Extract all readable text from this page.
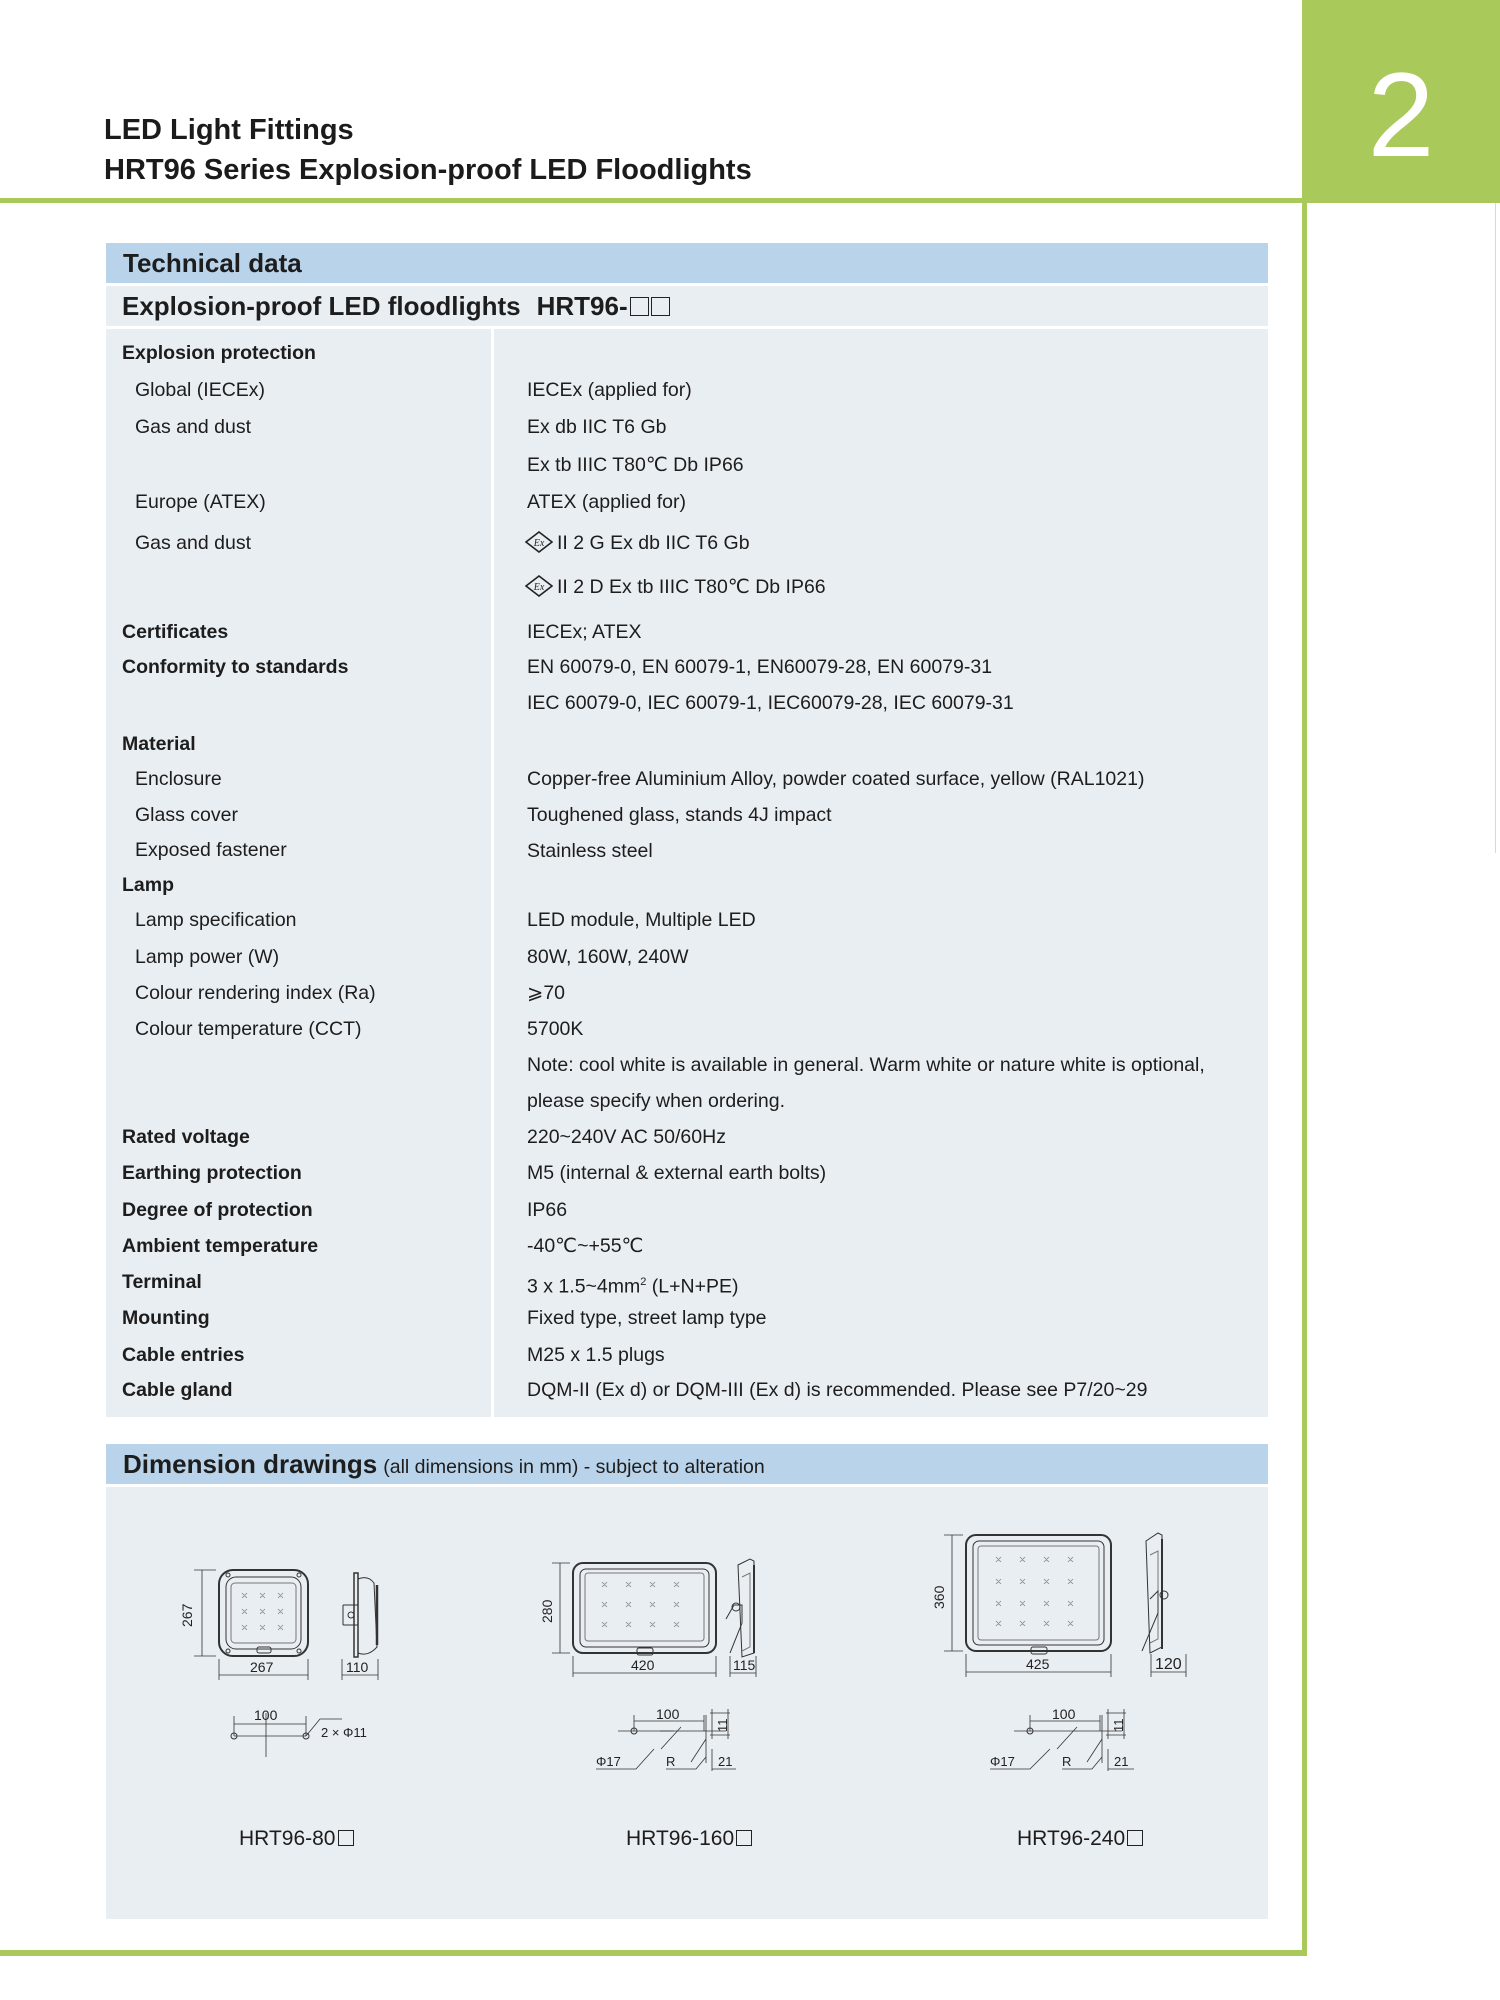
LED Light Fittings
HRT96 Series Explosion-proof LED Floodlights	2
Technical data
Explosion-proof LED floodlights HRT96-
Explosion protection
Global (IECEx)	IECEx (applied for)
Gas and dust	Ex db IIC T6 Gb
Ex tb IIIC T80℃ Db IP66
Europe (ATEX)	ATEX (applied for)
Gas and dust	Ex II 2 G Ex db IIC T6 Gb
Ex II 2 D Ex tb IIIC T80℃ Db IP66
Certificates	IECEx; ATEX
Conformity to standards	EN 60079-0, EN 60079-1, EN60079-28, EN 60079-31
IEC 60079-0, IEC 60079-1, IEC60079-28, IEC 60079-31
Material
Enclosure	Copper-free Aluminium Alloy, powder coated surface, yellow (RAL1021)
Glass cover	Toughened glass, stands 4J impact
Exposed fastener	Stainless steel
Lamp
Lamp specification	LED module, Multiple LED
Lamp power (W)	80W, 160W, 240W
Colour rendering index (Ra)	⩾70
Colour temperature (CCT)	5700K
Note: cool white is available in general. Warm white or nature white is optional,
please specify when ordering.
Rated voltage	220~240V AC 50/60Hz
Earthing protection	M5 (internal & external earth bolts)
Degree of protection	IP66
Ambient temperature	-40℃~+55℃
Terminal	3 x $1.5\sim 4mm^2$ (L+N+PE)
Mounting	Fixed type, street lamp type
Cable entries	M25 x 1.5 plugs
Cable gland	DQM-II (Ex d) or DQM-III (Ex d) is recommended. Please see P7/20~29
Dimension drawings (all dimensions in mm) - subject to alteration
267
267	110
100
2 × Φ11
280
420	115
100
11
Φ17	R	21
360
425	120
100
11
Φ17	R	21
HRT96-80	HRT96-160	HRT96-240
